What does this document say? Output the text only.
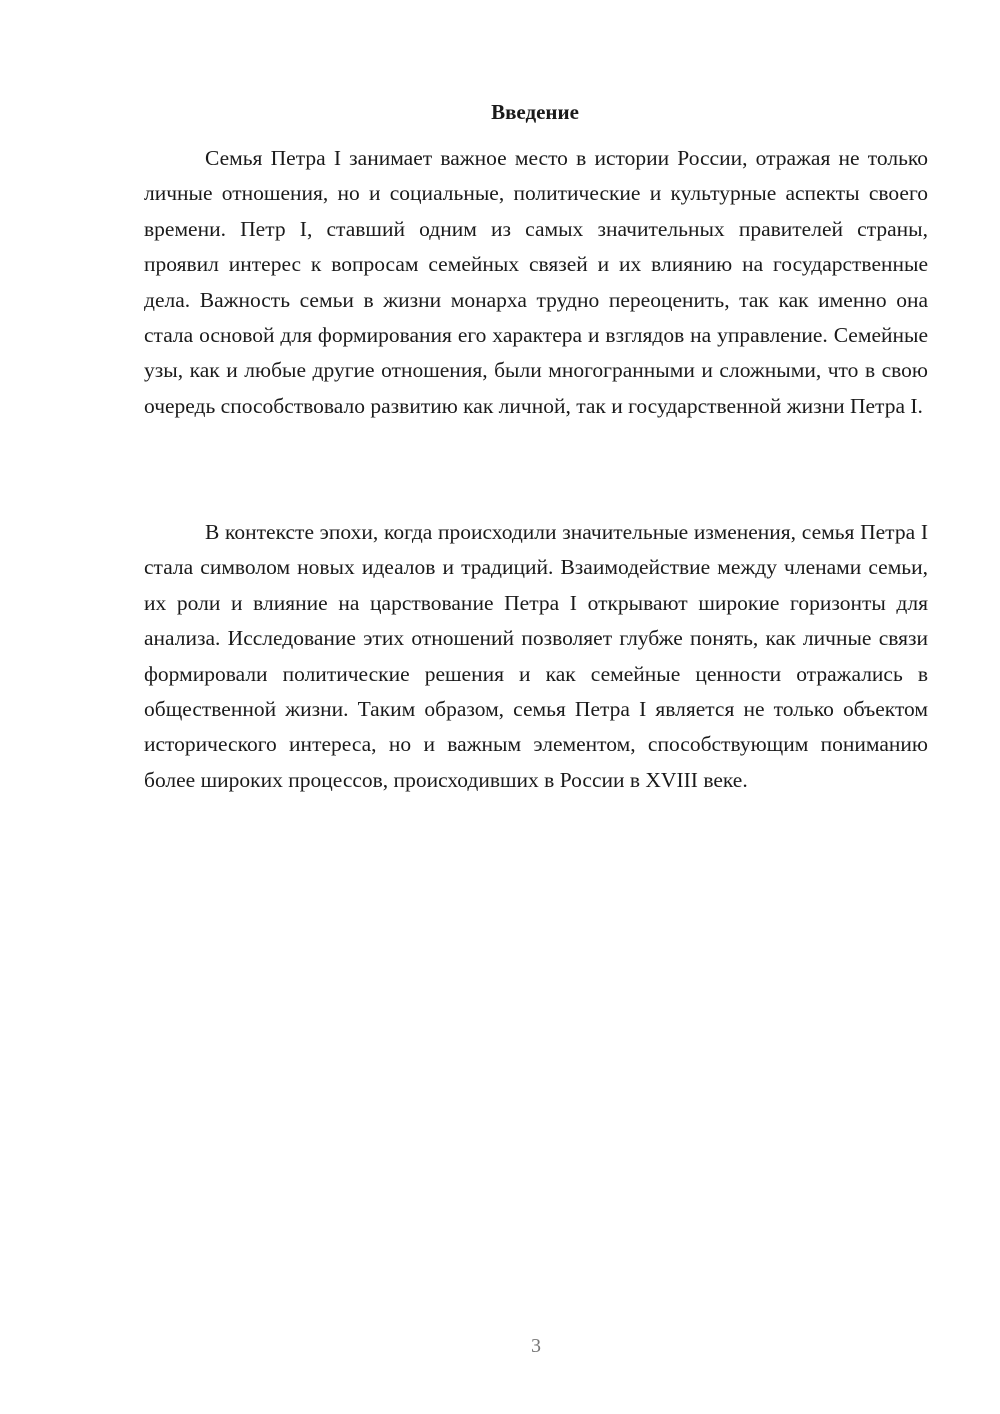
Введение

Семья Петра I занимает важное место в истории России, отражая не только личные отношения, но и социальные, политические и культурные аспекты своего времени. Петр I, ставший одним из самых значительных правителей страны, проявил интерес к вопросам семейных связей и их влиянию на государственные дела. Важность семьи в жизни монарха трудно переоценить, так как именно она стала основой для формирования его характера и взглядов на управление. Семейные узы, как и любые другие отношения, были многогранными и сложными, что в свою очередь способствовало развитию как личной, так и государственной жизни Петра I.

В контексте эпохи, когда происходили значительные изменения, семья Петра I стала символом новых идеалов и традиций. Взаимодействие между членами семьи, их роли и влияние на царствование Петра I открывают широкие горизонты для анализа. Исследование этих отношений позволяет глубже понять, как личные связи формировали политические решения и как семейные ценности отражались в общественной жизни. Таким образом, семья Петра I является не только объектом исторического интереса, но и важным элементом, способствующим пониманию более широких процессов, происходивших в России в XVIII веке.

3
